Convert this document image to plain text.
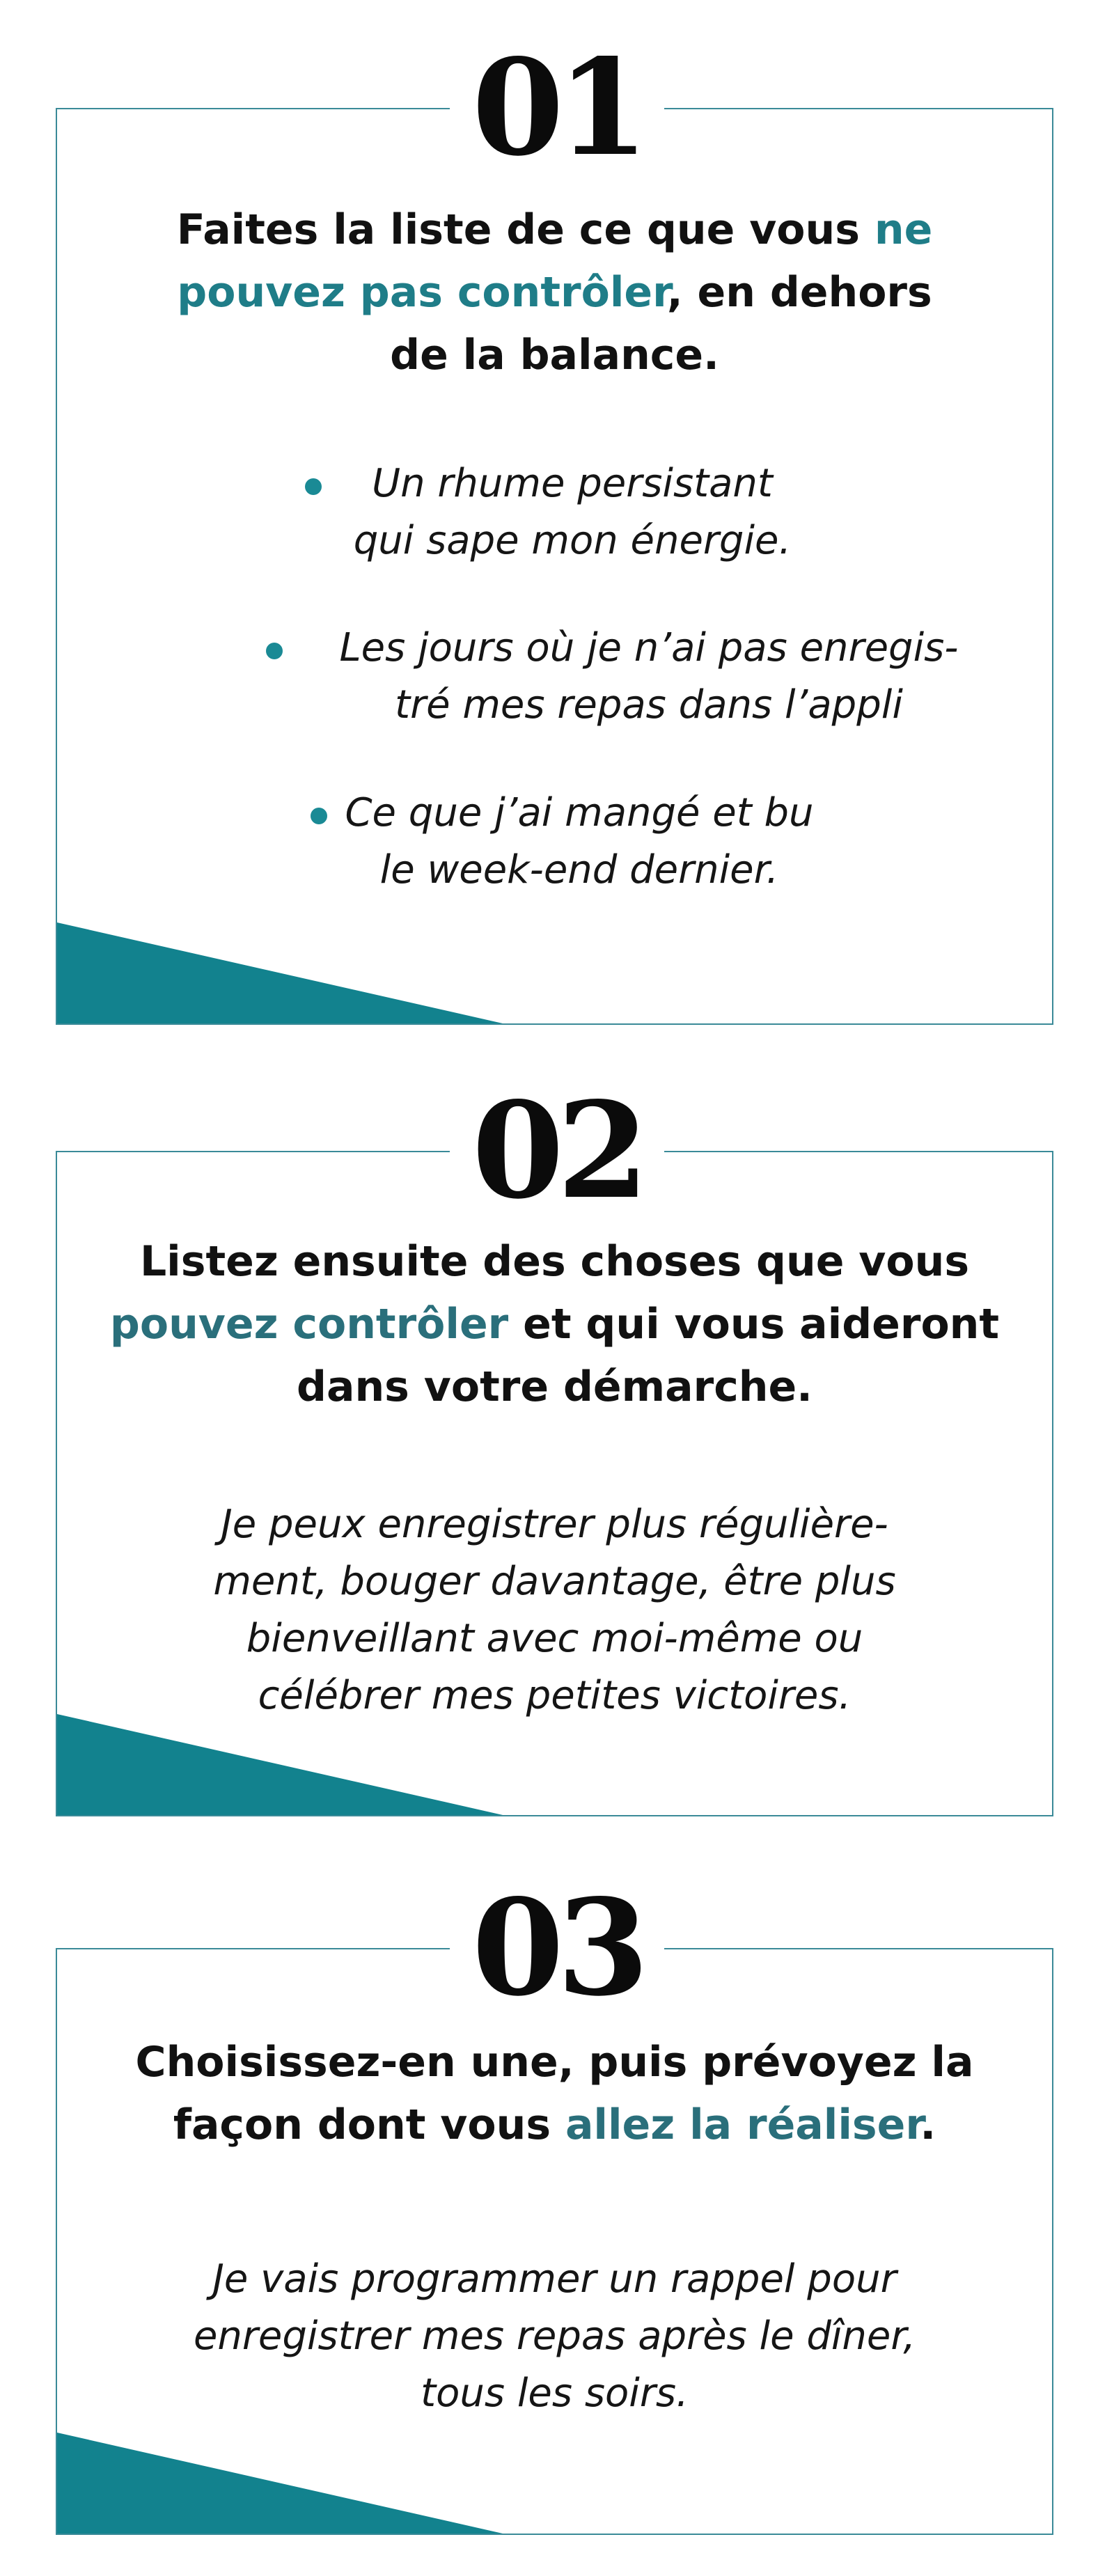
Faites la liste de ce que vous ne
pouvez pas contrôler, en dehors
de la balance.
Un rhume persistant
qui sape mon énergie.
Les jours où je n’ai pas enregis-
tré mes repas dans l’appli
Ce que j’ai mangé et bu
le week-end dernier.
01
Listez ensuite des choses que vous
pouvez contrôler et qui vous aideront
dans votre démarche.
Je peux enregistrer plus régulière-
ment, bouger davantage, être plus
bienveillant avec moi-même ou
célébrer mes petites victoires.
02
Choisissez-en une, puis prévoyez la
façon dont vous allez la réaliser.
Je vais programmer un rappel pour
enregistrer mes repas après le dîner,
tous les soirs.
03
